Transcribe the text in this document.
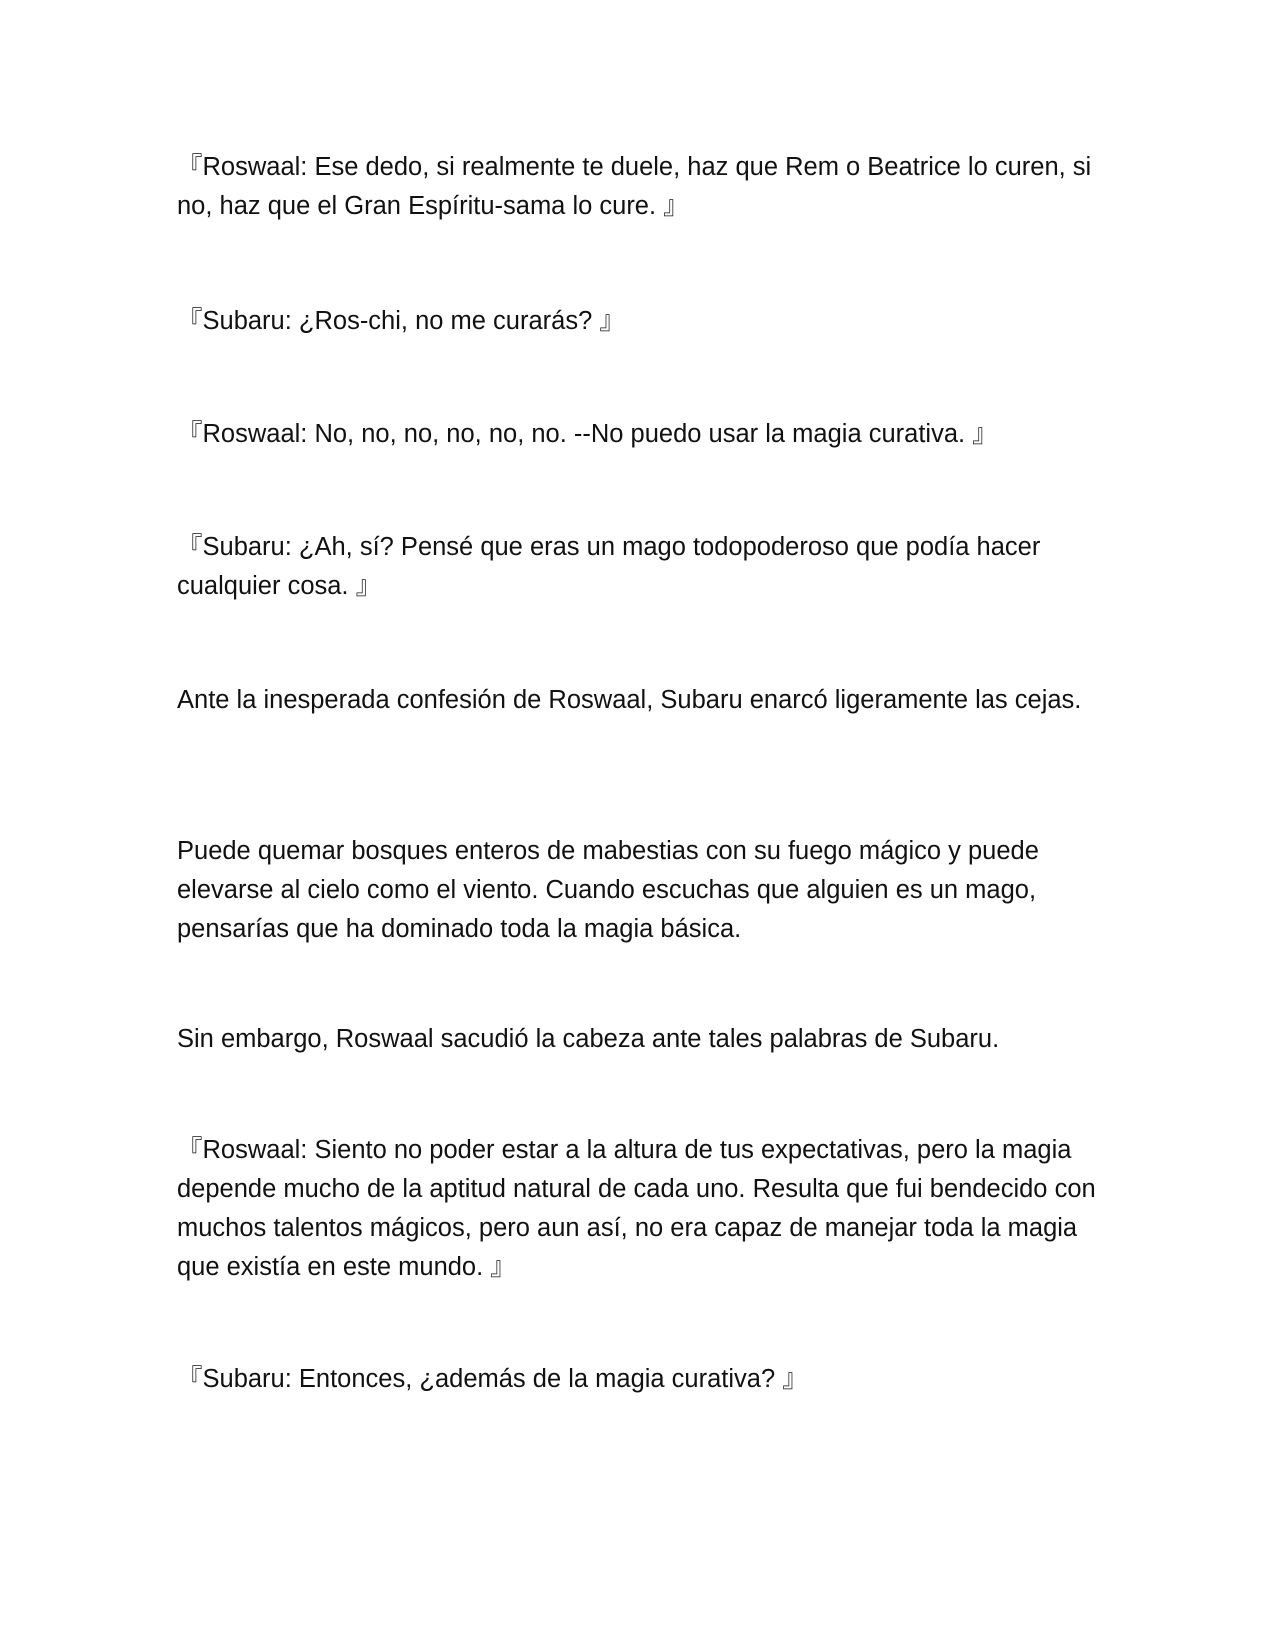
『Roswaal: Ese dedo, si realmente te duele, haz que Rem o Beatrice lo curen, si no, haz que el Gran Espíritu-sama lo cure. 』

『Subaru: ¿Ros-chi, no me curarás? 』

『Roswaal: No, no, no, no, no, no. --No puedo usar la magia curativa. 』

『Subaru: ¿Ah, sí? Pensé que eras un mago todopoderoso que podía hacer cualquier cosa. 』

Ante la inesperada confesión de Roswaal, Subaru enarcó ligeramente las cejas.

Puede quemar bosques enteros de mabestias con su fuego mágico y puede elevarse al cielo como el viento. Cuando escuchas que alguien es un mago, pensarías que ha dominado toda la magia básica.

Sin embargo, Roswaal sacudió la cabeza ante tales palabras de Subaru.

『Roswaal: Siento no poder estar a la altura de tus expectativas, pero la magia depende mucho de la aptitud natural de cada uno. Resulta que fui bendecido con muchos talentos mágicos, pero aun así, no era capaz de manejar toda la magia que existía en este mundo. 』

『Subaru: Entonces, ¿además de la magia curativa? 』
